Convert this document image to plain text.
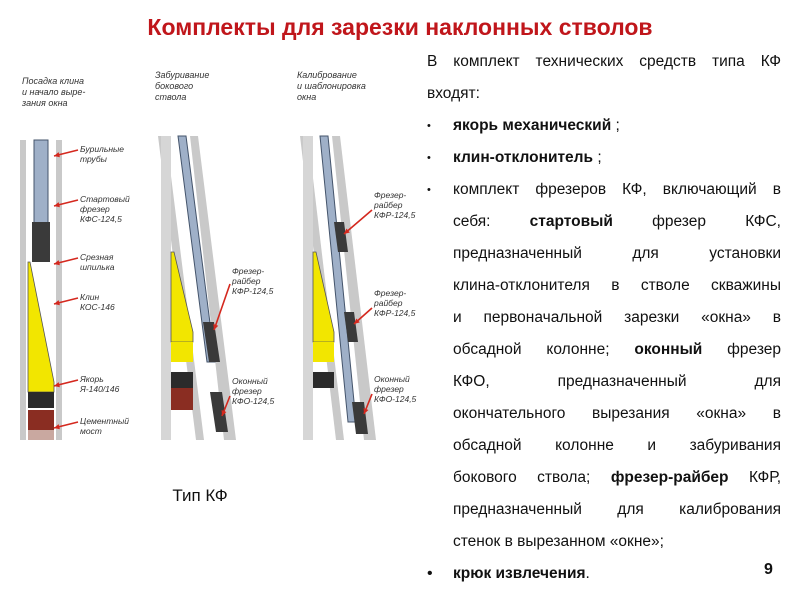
Комплекты для зарезки наклонных стволов
Посадка клина и начало выре-зания окна
Забуривание бокового ствола
Калибрование и шаблонировка окна
Бурильные трубы
Стартовый фрезер КФС-124,5
Срезная шпилька
Клин КОС-146
Якорь Я-140/146
Цементный мост
Фрезер-райбер КФР-124,5
Оконный фрезер КФО-124,5
Фрезер-райбер КФР-124,5
Фрезер-райбер КФР-124,5
Оконный фрезер КФО-124,5
Тип КФ
В комплект технических средств типа КФ
входят:
• якорь механический ;
• клин-отклонитель ;
• комплект фрезеров КФ, включающий в
себя:	стартовый фрезер КФС,
предназначенный для установки
клина-отклонителя в стволе скважины
и первоначальной зарезки «окна» в
обсадной колонне; оконный фрезер
КФО, предназначенный для
окончательного вырезания «окна» в
обсадной колонне и забуривания
бокового ствола; фрезер-райбер КФР,
предназначенный для калибрования
стенок в вырезанном «окне»;
• крюк извлечения.	9
